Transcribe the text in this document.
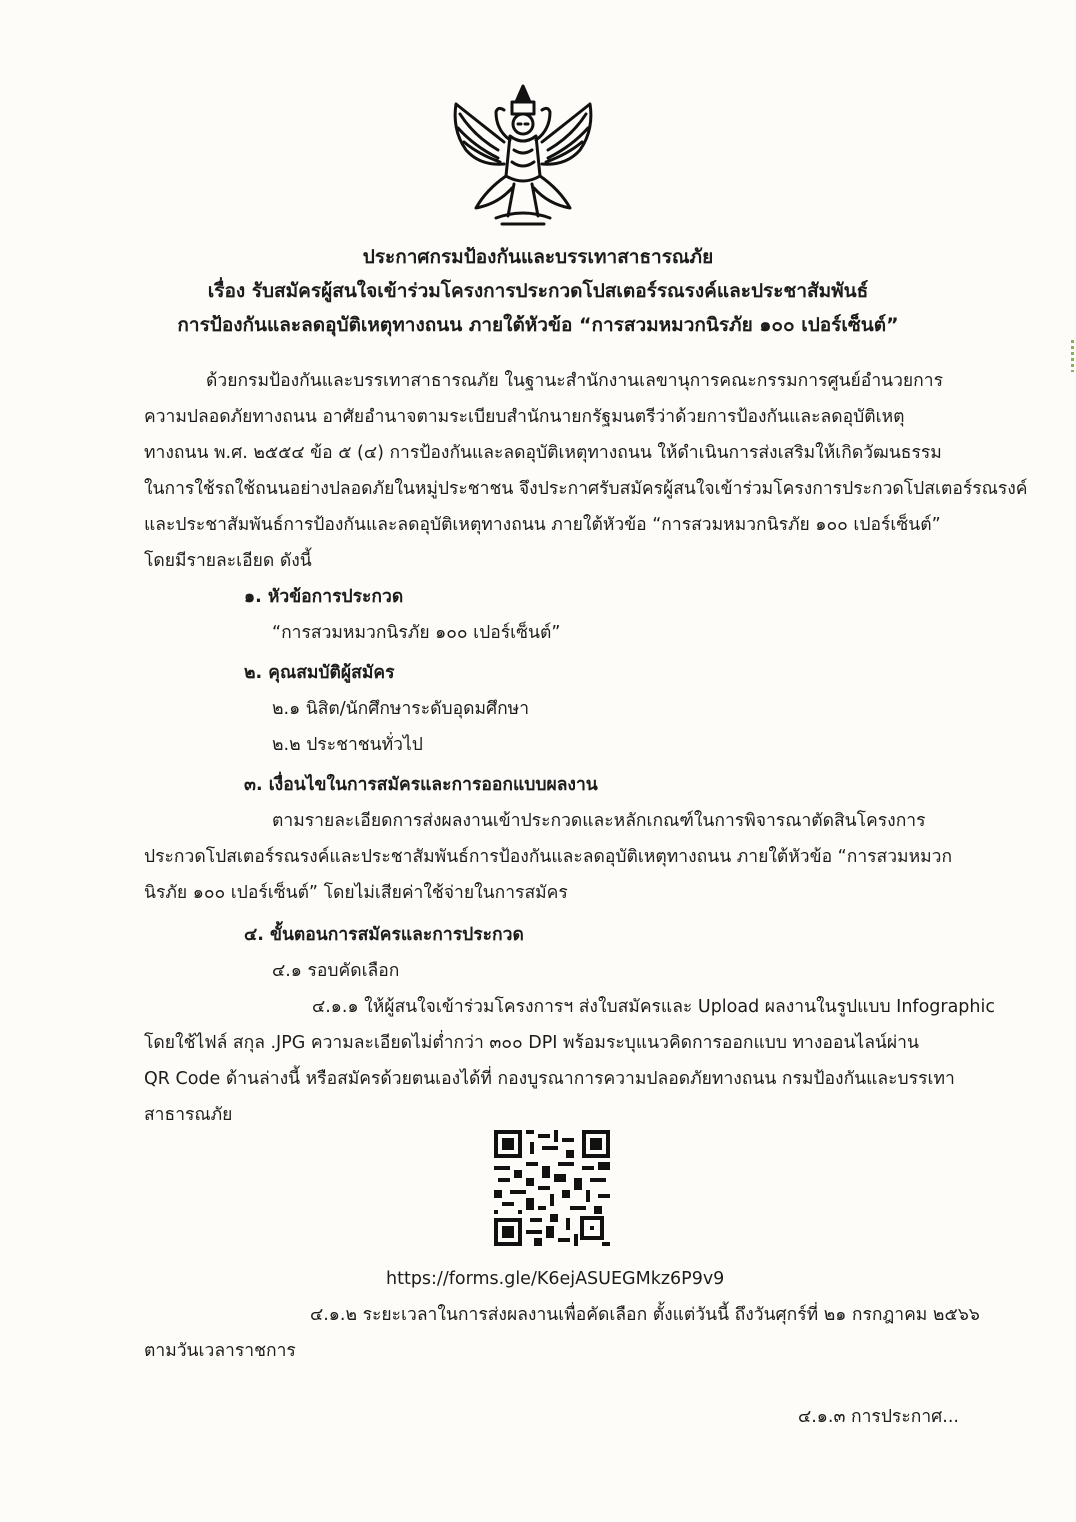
ประกาศกรมป้องกันและบรรเทาสาธารณภัย
เรื่อง รับสมัครผู้สนใจเข้าร่วมโครงการประกวดโปสเตอร์รณรงค์และประชาสัมพันธ์
การป้องกันและลดอุบัติเหตุทางถนน ภายใต้หัวข้อ “การสวมหมวกนิรภัย ๑๐๐ เปอร์เซ็นต์”
ด้วยกรมป้องกันและบรรเทาสาธารณภัย ในฐานะสำนักงานเลขานุการคณะกรรมการศูนย์อำนวยการ
ความปลอดภัยทางถนน อาศัยอำนาจตามระเบียบสำนักนายกรัฐมนตรีว่าด้วยการป้องกันและลดอุบัติเหตุ
ทางถนน พ.ศ. ๒๕๕๔ ข้อ ๕ (๔) การป้องกันและลดอุบัติเหตุทางถนน ให้ดำเนินการส่งเสริมให้เกิดวัฒนธรรม
ในการใช้รถใช้ถนนอย่างปลอดภัยในหมู่ประชาชน จึงประกาศรับสมัครผู้สนใจเข้าร่วมโครงการประกวดโปสเตอร์รณรงค์
และประชาสัมพันธ์การป้องกันและลดอุบัติเหตุทางถนน ภายใต้หัวข้อ “การสวมหมวกนิรภัย ๑๐๐ เปอร์เซ็นต์”
โดยมีรายละเอียด ดังนี้
๑. หัวข้อการประกวด
“การสวมหมวกนิรภัย ๑๐๐ เปอร์เซ็นต์”
๒. คุณสมบัติผู้สมัคร
๒.๑ นิสิต/นักศึกษาระดับอุดมศึกษา
๒.๒ ประชาชนทั่วไป
๓. เงื่อนไขในการสมัครและการออกแบบผลงาน
ตามรายละเอียดการส่งผลงานเข้าประกวดและหลักเกณฑ์ในการพิจารณาตัดสินโครงการ
ประกวดโปสเตอร์รณรงค์และประชาสัมพันธ์การป้องกันและลดอุบัติเหตุทางถนน ภายใต้หัวข้อ “การสวมหมวก
นิรภัย ๑๐๐ เปอร์เซ็นต์” โดยไม่เสียค่าใช้จ่ายในการสมัคร
๔. ขั้นตอนการสมัครและการประกวด
๔.๑ รอบคัดเลือก
๔.๑.๑ ให้ผู้สนใจเข้าร่วมโครงการฯ ส่งใบสมัครและ Upload ผลงานในรูปแบบ Infographic
โดยใช้ไฟล์ สกุล .JPG ความละเอียดไม่ต่ำกว่า ๓๐๐ DPI พร้อมระบุแนวคิดการออกแบบ ทางออนไลน์ผ่าน
QR Code ด้านล่างนี้ หรือสมัครด้วยตนเองได้ที่ กองบูรณาการความปลอดภัยทางถนน กรมป้องกันและบรรเทา
สาธารณภัย
https://forms.gle/K6ejASUEGMkz6P9v9
๔.๑.๒ ระยะเวลาในการส่งผลงานเพื่อคัดเลือก ตั้งแต่วันนี้ ถึงวันศุกร์ที่ ๒๑ กรกฎาคม ๒๕๖๖
ตามวันเวลาราชการ
๔.๑.๓ การประกาศ...
